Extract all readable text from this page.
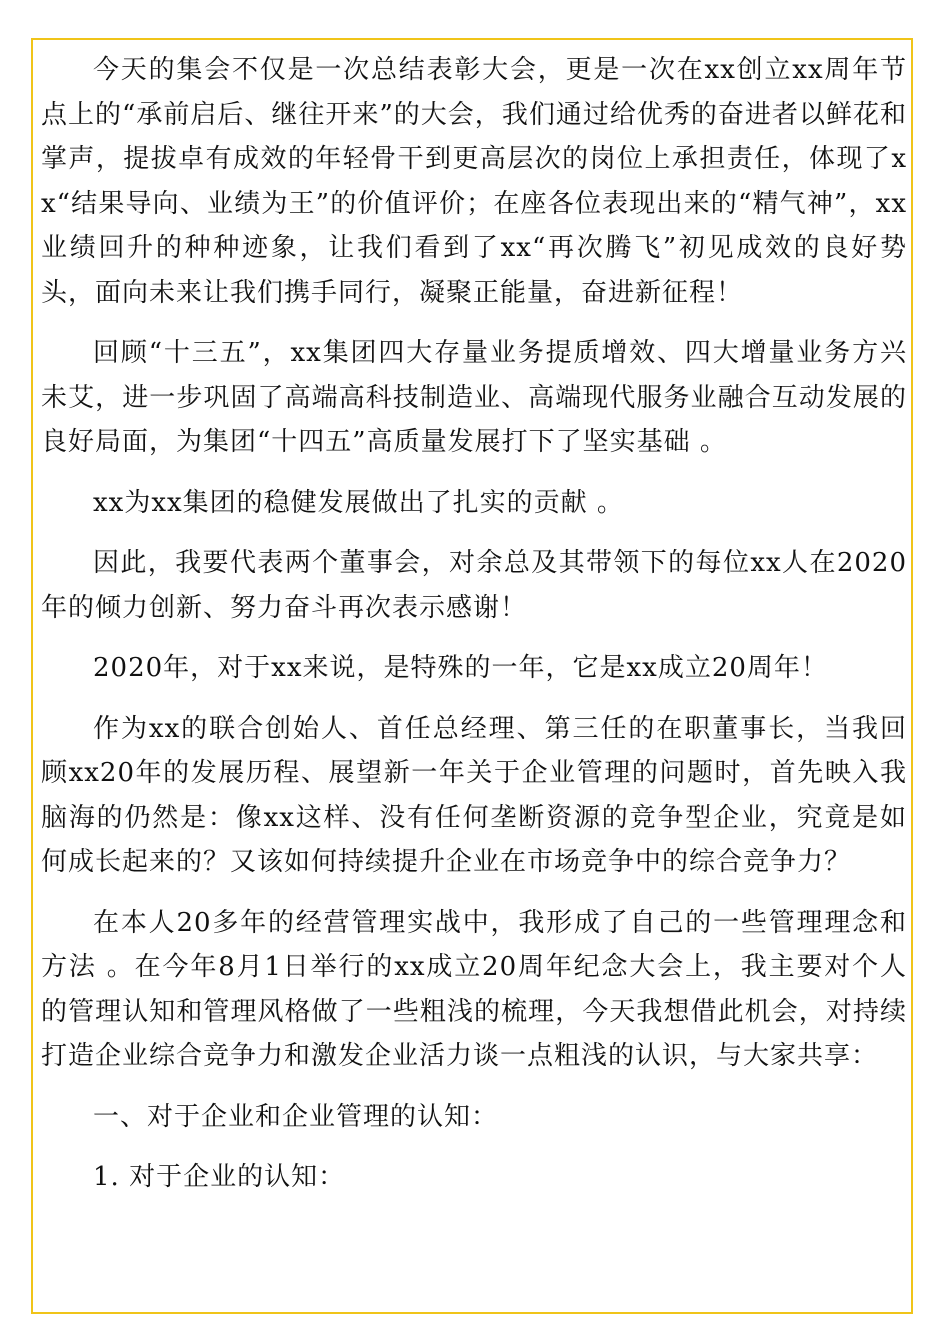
今天的集会不仅是一次总结表彰大会，更是一次在xx创立xx周年节点上的“承前启后、继往开来”的大会，我们通过给优秀的奋进者以鲜花和掌声，提拔卓有成效的年轻骨干到更高层次的岗位上承担责任，体现了xx“结果导向、业绩为王”的价值评价；在座各位表现出来的“精气神”，xx业绩回升的种种迹象，让我们看到了xx“再次腾飞”初见成效的良好势头，面向未来让我们携手同行，凝聚正能量，奋进新征程！

回顾“十三五”，xx集团四大存量业务提质增效、四大增量业务方兴未艾，进一步巩固了高端高科技制造业、高端现代服务业融合互动发展的良好局面，为集团“十四五”高质量发展打下了坚实基础 。

xx为xx集团的稳健发展做出了扎实的贡献 。

因此，我要代表两个董事会，对余总及其带领下的每位xx人在2020年的倾力创新、努力奋斗再次表示感谢！

2020年，对于xx来说，是特殊的一年，它是xx成立20周年！

作为xx的联合创始人、首任总经理、第三任的在职董事长，当我回顾xx20年的发展历程、展望新一年关于企业管理的问题时，首先映入我脑海的仍然是：像xx这样、没有任何垄断资源的竞争型企业，究竟是如何成长起来的？又该如何持续提升企业在市场竞争中的综合竞争力？

在本人20多年的经营管理实战中，我形成了自己的一些管理理念和方法 。在今年8月1日举行的xx成立20周年纪念大会上，我主要对个人的管理认知和管理风格做了一些粗浅的梳理，今天我想借此机会，对持续打造企业综合竞争力和激发企业活力谈一点粗浅的认识，与大家共享：

一、对于企业和企业管理的认知：

1. 对于企业的认知：
